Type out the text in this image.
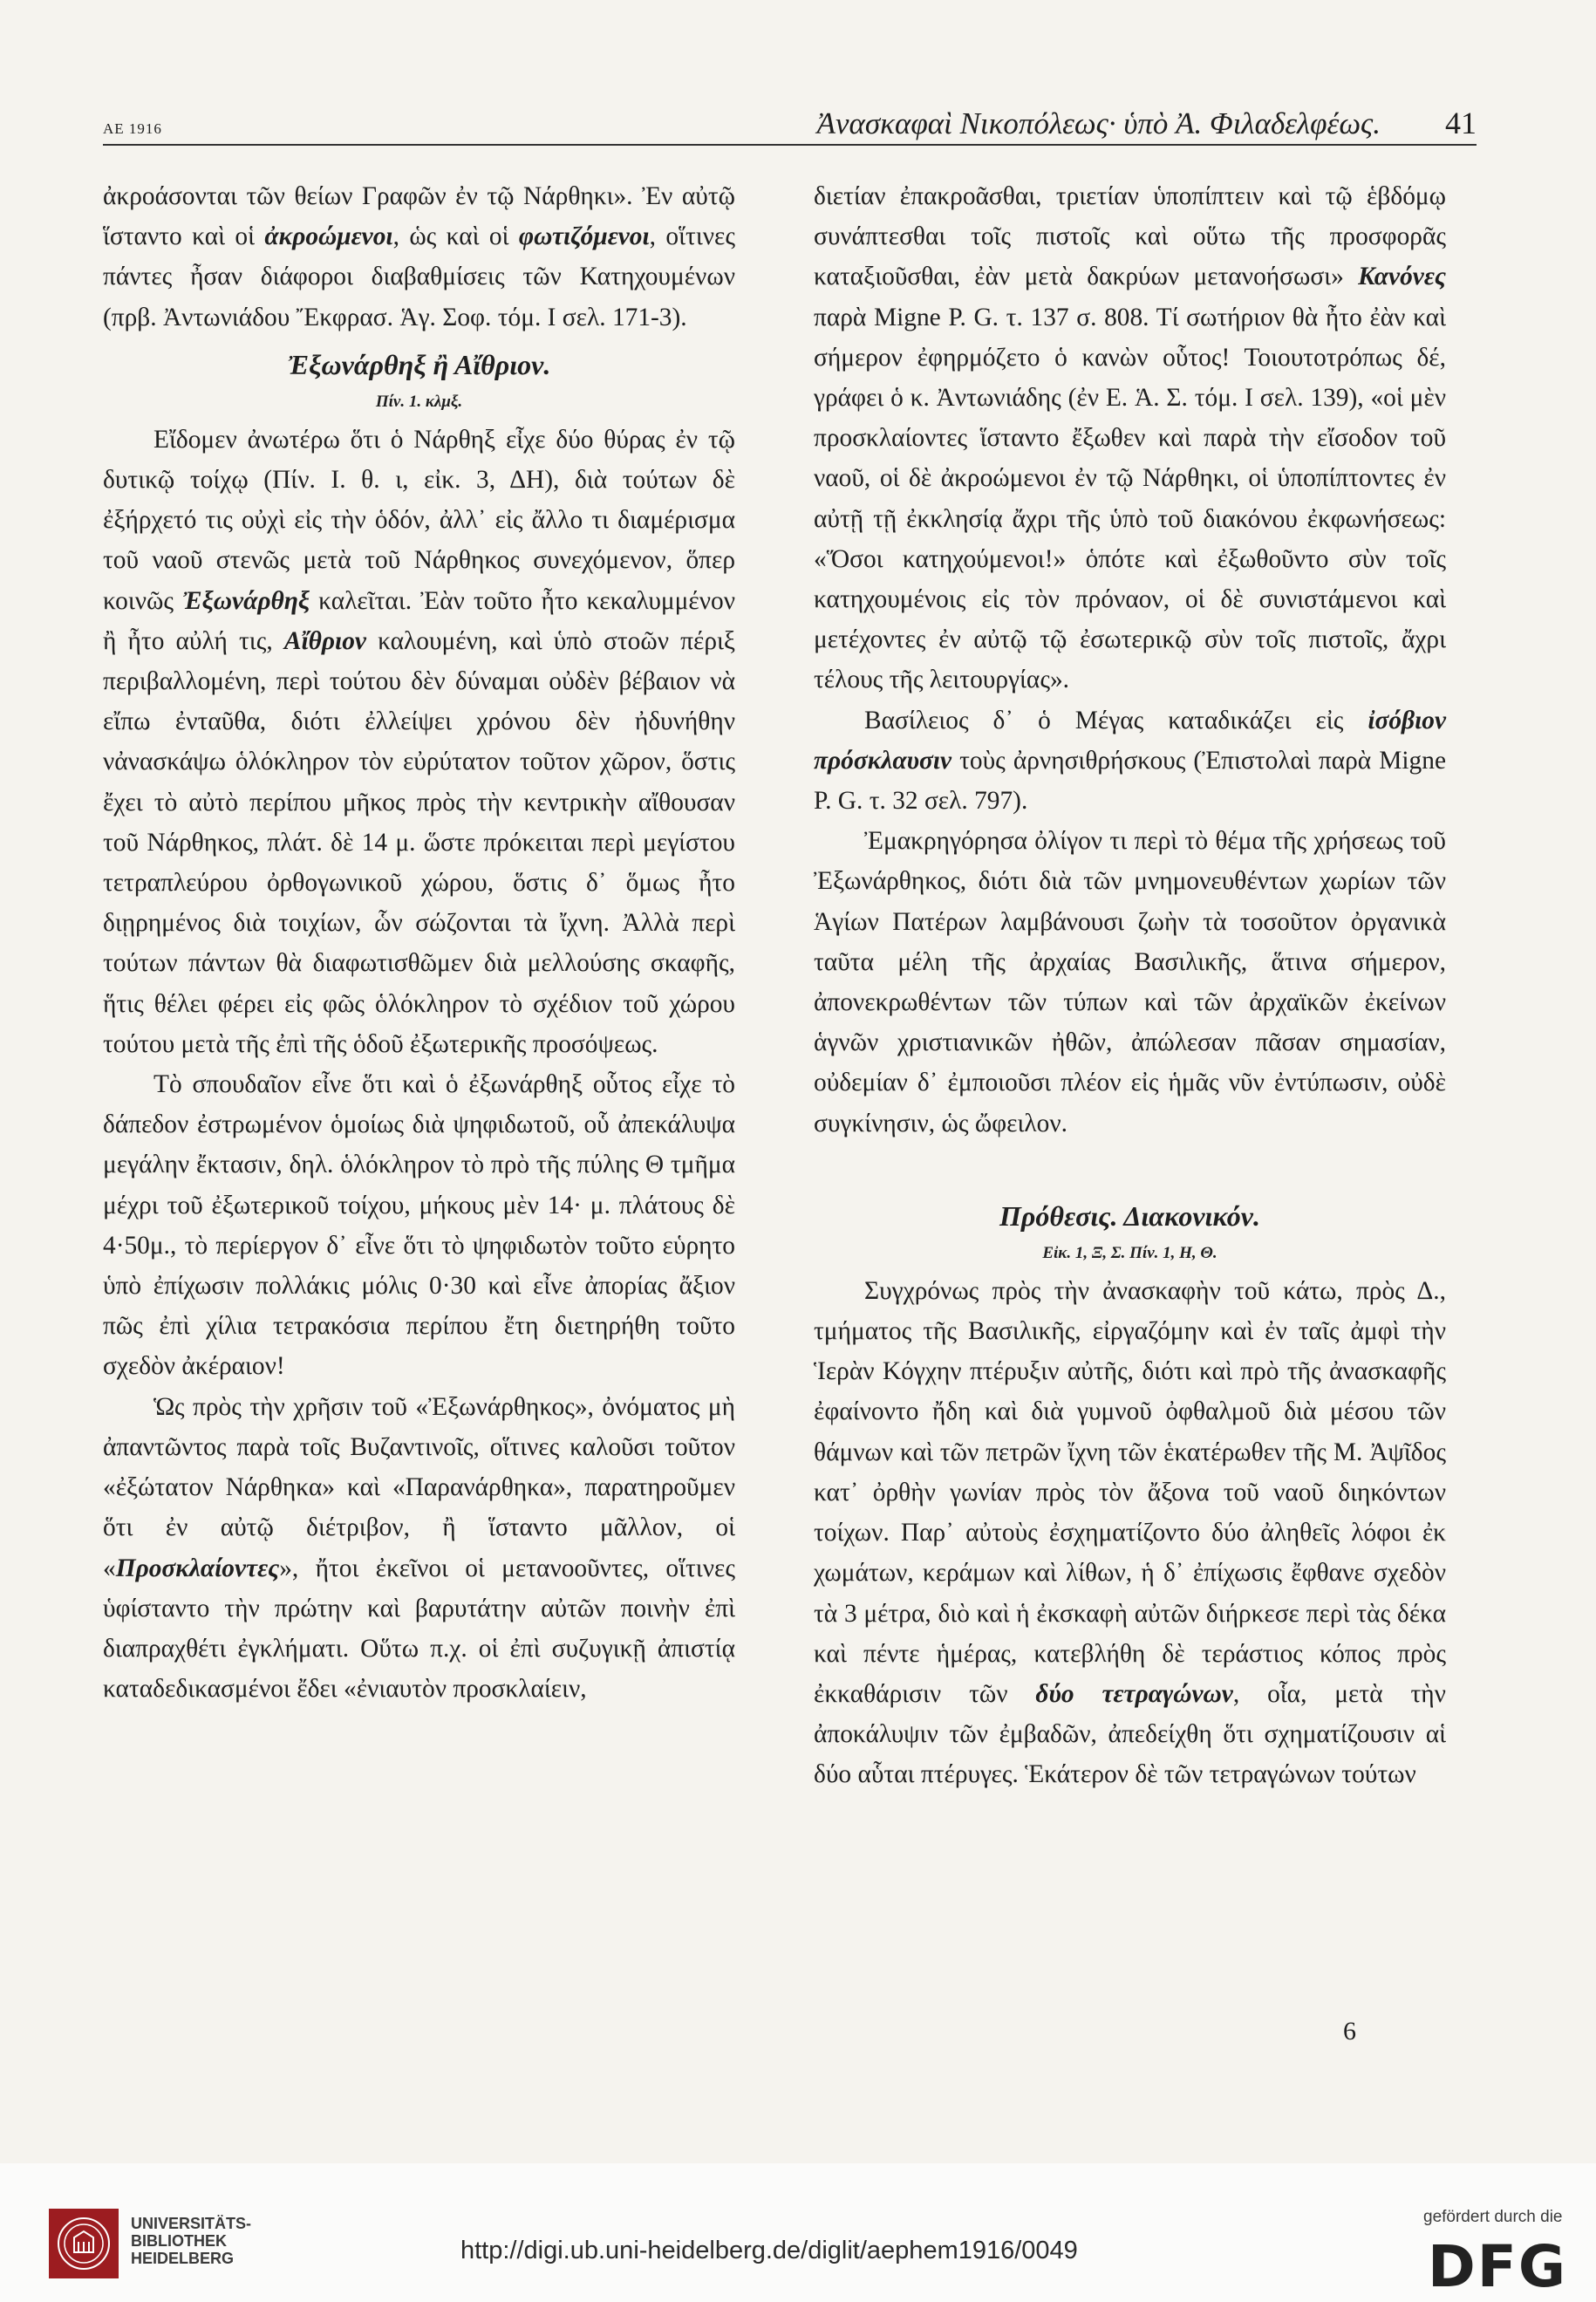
ΑΕ 1916	Ἀνασκαφαὶ Νικοπόλεως· ὑπὸ Ἀ. Φιλαδελφέως. 41

ἀκροάσονται τῶν θείων Γραφῶν ἐν τῷ Νάρθηκι». Ἐν αὐτῷ ἵσταντο καὶ οἱ ἀκροώμενοι, ὡς καὶ οἱ φωτιζόμενοι, οἵτινες πάντες ἦσαν διάφοροι διαβαθμίσεις τῶν Κατηχουμένων (πρβ. Ἀντωνιάδου Ἔκφρασ. Ἁγ. Σοφ. τόμ. Ι σελ. 171-3).

Ἐξωνάρθηξ ἢ Αἴθριον.
Πίν. 1. κλμξ.

Εἴδομεν ἀνωτέρω ὅτι ὁ Νάρθηξ εἶχε δύο θύρας ἐν τῷ δυτικῷ τοίχῳ (Πίν. Ι. θ. ι, εἰκ. 3, ΔΗ), διὰ τούτων δὲ ἐξήρχετό τις οὐχὶ εἰς τὴν ὁδόν, ἀλλ᾽ εἰς ἄλλο τι διαμέρισμα τοῦ ναοῦ στενῶς μετὰ τοῦ Νάρθηκος συνεχόμενον, ὅπερ κοινῶς Ἐξωνάρθηξ καλεῖται. Ἐὰν τοῦτο ἦτο κεκαλυμμένον ἢ ἦτο αὐλή τις, Αἴθριον καλουμένη, καὶ ὑπὸ στοῶν πέριξ περιβαλλομένη, περὶ τούτου δὲν δύναμαι οὐδὲν βέβαιον νὰ εἴπω ἐνταῦθα, διότι ἐλλείψει χρόνου δὲν ἠδυνήθην νἀνασκάψω ὁλόκληρον τὸν εὐρύτατον τοῦτον χῶρον, ὅστις ἔχει τὸ αὐτὸ περίπου μῆκος πρὸς τὴν κεντρικὴν αἴθουσαν τοῦ Νάρθηκος, πλάτ. δὲ 14 μ. ὥστε πρόκειται περὶ μεγίστου τετραπλεύρου ὀρθογωνικοῦ χώρου, ὅστις δ᾽ ὅμως ἦτο διῃρημένος διὰ τοιχίων, ὧν σώζονται τὰ ἴχνη. Ἀλλὰ περὶ τούτων πάντων θὰ διαφωτισθῶμεν διὰ μελλούσης σκαφῆς, ἥτις θέλει φέρει εἰς φῶς ὁλόκληρον τὸ σχέδιον τοῦ χώρου τούτου μετὰ τῆς ἐπὶ τῆς ὁδοῦ ἐξωτερικῆς προσόψεως.

Τὸ σπουδαῖον εἶνε ὅτι καὶ ὁ ἐξωνάρθηξ οὗτος εἶχε τὸ δάπεδον ἐστρωμένον ὁμοίως διὰ ψηφιδωτοῦ, οὗ ἀπεκάλυψα μεγάλην ἔκτασιν, δηλ. ὁλόκληρον τὸ πρὸ τῆς πύλης Θ τμῆμα μέχρι τοῦ ἐξωτερικοῦ τοίχου, μήκους μὲν 14· μ. πλάτους δὲ 4·50μ., τὸ περίεργον δ᾽ εἶνε ὅτι τὸ ψηφιδωτὸν τοῦτο εὑρητο ὑπὸ ἐπίχωσιν πολλάκις μόλις 0·30 καὶ εἶνε ἀπορίας ἄξιον πῶς ἐπὶ χίλια τετρακόσια περίπου ἔτη διετηρήθη τοῦτο σχεδὸν ἀκέραιον!

Ὡς πρὸς τὴν χρῆσιν τοῦ «Ἐξωνάρθηκος», ὀνόματος μὴ ἀπαντῶντος παρὰ τοῖς Βυζαντινοῖς, οἵτινες καλοῦσι τοῦτον «ἐξώτατον Νάρθηκα» καὶ «Παρανάρθηκα», παρατηροῦμεν ὅτι ἐν αὐτῷ διέτριβον, ἢ ἵσταντο μᾶλλον, οἱ «Προσκλαίοντες», ἤτοι ἐκεῖνοι οἱ μετανοοῦντες, οἵτινες ὑφίσταντο τὴν πρώτην καὶ βαρυτάτην αὐτῶν ποινὴν ἐπὶ διαπραχθέτι ἐγκλήματι. Οὕτω π.χ. οἱ ἐπὶ συζυγικῇ ἀπιστίᾳ καταδεδικασμένοι ἔδει «ἐνιαυτὸν προσκλαίειν,

διετίαν ἐπακροᾶσθαι, τριετίαν ὑποπίπτειν καὶ τῷ ἑβδόμῳ συνάπτεσθαι τοῖς πιστοῖς καὶ οὕτω τῆς προσφορᾶς καταξιοῦσθαι, ἐὰν μετὰ δακρύων μετανοήσωσι» Κανόνες παρὰ Migne P. G. τ. 137 σ. 808. Τί σωτήριον θὰ ἦτο ἐὰν καὶ σήμερον ἐφηρμόζετο ὁ κανὼν οὗτος! Τοιουτοτρόπως δέ, γράφει ὁ κ. Ἀντωνιάδης (ἐν Ε. Ἁ. Σ. τόμ. Ι σελ. 139), «οἱ μὲν προσκλαίοντες ἵσταντο ἔξωθεν καὶ παρὰ τὴν εἴσοδον τοῦ ναοῦ, οἱ δὲ ἀκροώμενοι ἐν τῷ Νάρθηκι, οἱ ὑποπίπτοντες ἐν αὐτῇ τῇ ἐκκλησίᾳ ἄχρι τῆς ὑπὸ τοῦ διακόνου ἐκφωνήσεως: «Ὅσοι κατηχούμενοι!» ὁπότε καὶ ἐξωθοῦντο σὺν τοῖς κατηχουμένοις εἰς τὸν πρόναον, οἱ δὲ συνιστάμενοι καὶ μετέχοντες ἐν αὐτῷ τῷ ἐσωτερικῷ σὺν τοῖς πιστοῖς, ἄχρι τέλους τῆς λειτουργίας».

Βασίλειος δ᾽ ὁ Μέγας καταδικάζει εἰς ἰσόβιον πρόσκλαυσιν τοὺς ἀρνησιθρήσκους (Ἐπιστολαὶ παρὰ Migne P. G. τ. 32 σελ. 797).

Ἐμακρηγόρησα ὀλίγον τι περὶ τὸ θέμα τῆς χρήσεως τοῦ Ἐξωνάρθηκος, διότι διὰ τῶν μνημονευθέντων χωρίων τῶν Ἁγίων Πατέρων λαμβάνουσι ζωὴν τὰ τοσοῦτον ὀργανικὰ ταῦτα μέλη τῆς ἀρχαίας Βασιλικῆς, ἅτινα σήμερον, ἀπονεκρωθέντων τῶν τύπων καὶ τῶν ἀρχαϊκῶν ἐκείνων ἁγνῶν χριστιανικῶν ἠθῶν, ἀπώλεσαν πᾶσαν σημασίαν, οὐδεμίαν δ᾽ ἐμποιοῦσι πλέον εἰς ἡμᾶς νῦν ἐντύπωσιν, οὐδὲ συγκίνησιν, ὡς ὤφειλον.

Πρόθεσις. Διακονικόν.
Εἰκ. 1, Ξ, Σ. Πίν. 1, Η, Θ.

Συγχρόνως πρὸς τὴν ἀνασκαφὴν τοῦ κάτω, πρὸς Δ., τμήματος τῆς Βασιλικῆς, εἰργαζόμην καὶ ἐν ταῖς ἀμφὶ τὴν Ἱερὰν Κόγχην πτέρυξιν αὐτῆς, διότι καὶ πρὸ τῆς ἀνασκαφῆς ἐφαίνοντο ἤδη καὶ διὰ γυμνοῦ ὀφθαλμοῦ διὰ μέσου τῶν θάμνων καὶ τῶν πετρῶν ἴχνη τῶν ἑκατέρωθεν τῆς Μ. Ἀψῖδος κατ᾽ ὀρθὴν γωνίαν πρὸς τὸν ἄξονα τοῦ ναοῦ διηκόντων τοίχων. Παρ᾽ αὐτοὺς ἐσχηματίζοντο δύο ἀληθεῖς λόφοι ἐκ χωμάτων, κεράμων καὶ λίθων, ἡ δ᾽ ἐπίχωσις ἔφθανε σχεδὸν τὰ 3 μέτρα, διὸ καὶ ἡ ἐκσκαφὴ αὐτῶν διήρκεσε περὶ τὰς δέκα καὶ πέντε ἡμέρας, κατεβλήθη δὲ τεράστιος κόπος πρὸς ἐκκαθάρισιν τῶν δύο τετραγώνων, οἷα, μετὰ τὴν ἀποκάλυψιν τῶν ἐμβαδῶν, ἀπεδείχθη ὅτι σχηματίζουσιν αἱ δύο αὗται πτέρυγες. Ἑκάτερον δὲ τῶν τετραγώνων τούτων

6
UNIVERSITÄTS-
BIBLIOTHEK
HEIDELBERG	http://digi.ub.uni-heidelberg.de/diglit/aephem1916/0049
gefördert durch die
DFG
